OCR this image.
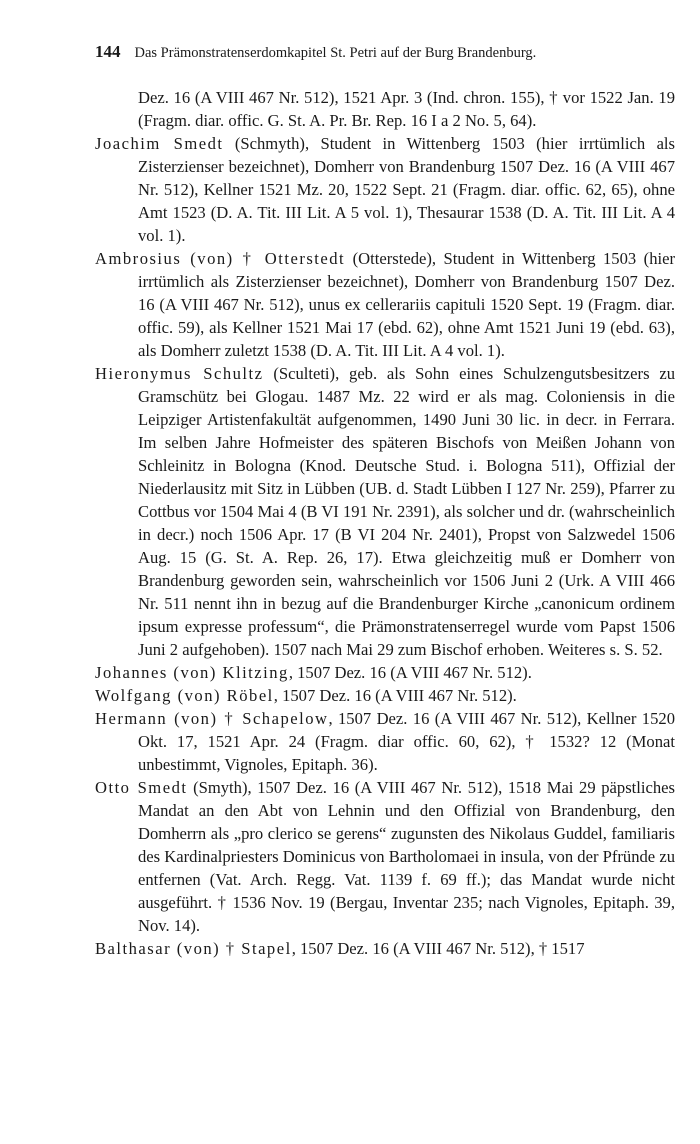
144 Das Prämonstratenserdomkapitel St. Petri auf der Burg Brandenburg.

Dez. 16 (A VIII 467 Nr. 512), 1521 Apr. 3 (Ind. chron. 155), † vor 1522 Jan. 19 (Fragm. diar. offic. G. St. A. Pr. Br. Rep. 16 I a 2 No. 5, 64).

Joachim Smedt (Schmyth), Student in Wittenberg 1503 (hier irrtümlich als Zisterzienser bezeichnet), Domherr von Brandenburg 1507 Dez. 16 (A VIII 467 Nr. 512), Kellner 1521 Mz. 20, 1522 Sept. 21 (Fragm. diar. offic. 62, 65), ohne Amt 1523 (D. A. Tit. III Lit. A 5 vol. 1), Thesaurar 1538 (D. A. Tit. III Lit. A 4 vol. 1).

Ambrosius (von) † Otterstedt (Otterstede), Student in Wittenberg 1503 (hier irrtümlich als Zisterzienser bezeichnet), Domherr von Brandenburg 1507 Dez. 16 (A VIII 467 Nr. 512), unus ex cellerariis capituli 1520 Sept. 19 (Fragm. diar. offic. 59), als Kellner 1521 Mai 17 (ebd. 62), ohne Amt 1521 Juni 19 (ebd. 63), als Domherr zuletzt 1538 (D. A. Tit. III Lit. A 4 vol. 1).

Hieronymus Schultz (Sculteti), geb. als Sohn eines Schulzengutsbesitzers zu Gramschütz bei Glogau. 1487 Mz. 22 wird er als mag. Coloniensis in die Leipziger Artistenfakultät aufgenommen, 1490 Juni 30 lic. in decr. in Ferrara. Im selben Jahre Hofmeister des späteren Bischofs von Meißen Johann von Schleinitz in Bologna (Knod. Deutsche Stud. i. Bologna 511), Offizial der Niederlausitz mit Sitz in Lübben (UB. d. Stadt Lübben I 127 Nr. 259), Pfarrer zu Cottbus vor 1504 Mai 4 (B VI 191 Nr. 2391), als solcher und dr. (wahrscheinlich in decr.) noch 1506 Apr. 17 (B VI 204 Nr. 2401), Propst von Salzwedel 1506 Aug. 15 (G. St. A. Rep. 26, 17). Etwa gleichzeitig muß er Domherr von Brandenburg geworden sein, wahrscheinlich vor 1506 Juni 2 (Urk. A VIII 466 Nr. 511 nennt ihn in bezug auf die Brandenburger Kirche „canonicum ordinem ipsum expresse professum“, die Prämonstratenserregel wurde vom Papst 1506 Juni 2 aufgehoben). 1507 nach Mai 29 zum Bischof erhoben. Weiteres s. S. 52.

Johannes (von) Klitzing, 1507 Dez. 16 (A VIII 467 Nr. 512).

Wolfgang (von) Röbel, 1507 Dez. 16 (A VIII 467 Nr. 512).

Hermann (von) † Schapelow, 1507 Dez. 16 (A VIII 467 Nr. 512), Kellner 1520 Okt. 17, 1521 Apr. 24 (Fragm. diar offic. 60, 62), † 1532? 12 (Monat unbestimmt, Vignoles, Epitaph. 36).

Otto Smedt (Smyth), 1507 Dez. 16 (A VIII 467 Nr. 512), 1518 Mai 29 päpstliches Mandat an den Abt von Lehnin und den Offizial von Brandenburg, den Domherrn als „pro clerico se gerens“ zugunsten des Nikolaus Guddel, familiaris des Kardinalpriesters Dominicus von Bartholomaei in insula, von der Pfründe zu entfernen (Vat. Arch. Regg. Vat. 1139 f. 69 ff.); das Mandat wurde nicht ausgeführt. † 1536 Nov. 19 (Bergau, Inventar 235; nach Vignoles, Epitaph. 39, Nov. 14).

Balthasar (von) † Stapel, 1507 Dez. 16 (A VIII 467 Nr. 512), † 1517
